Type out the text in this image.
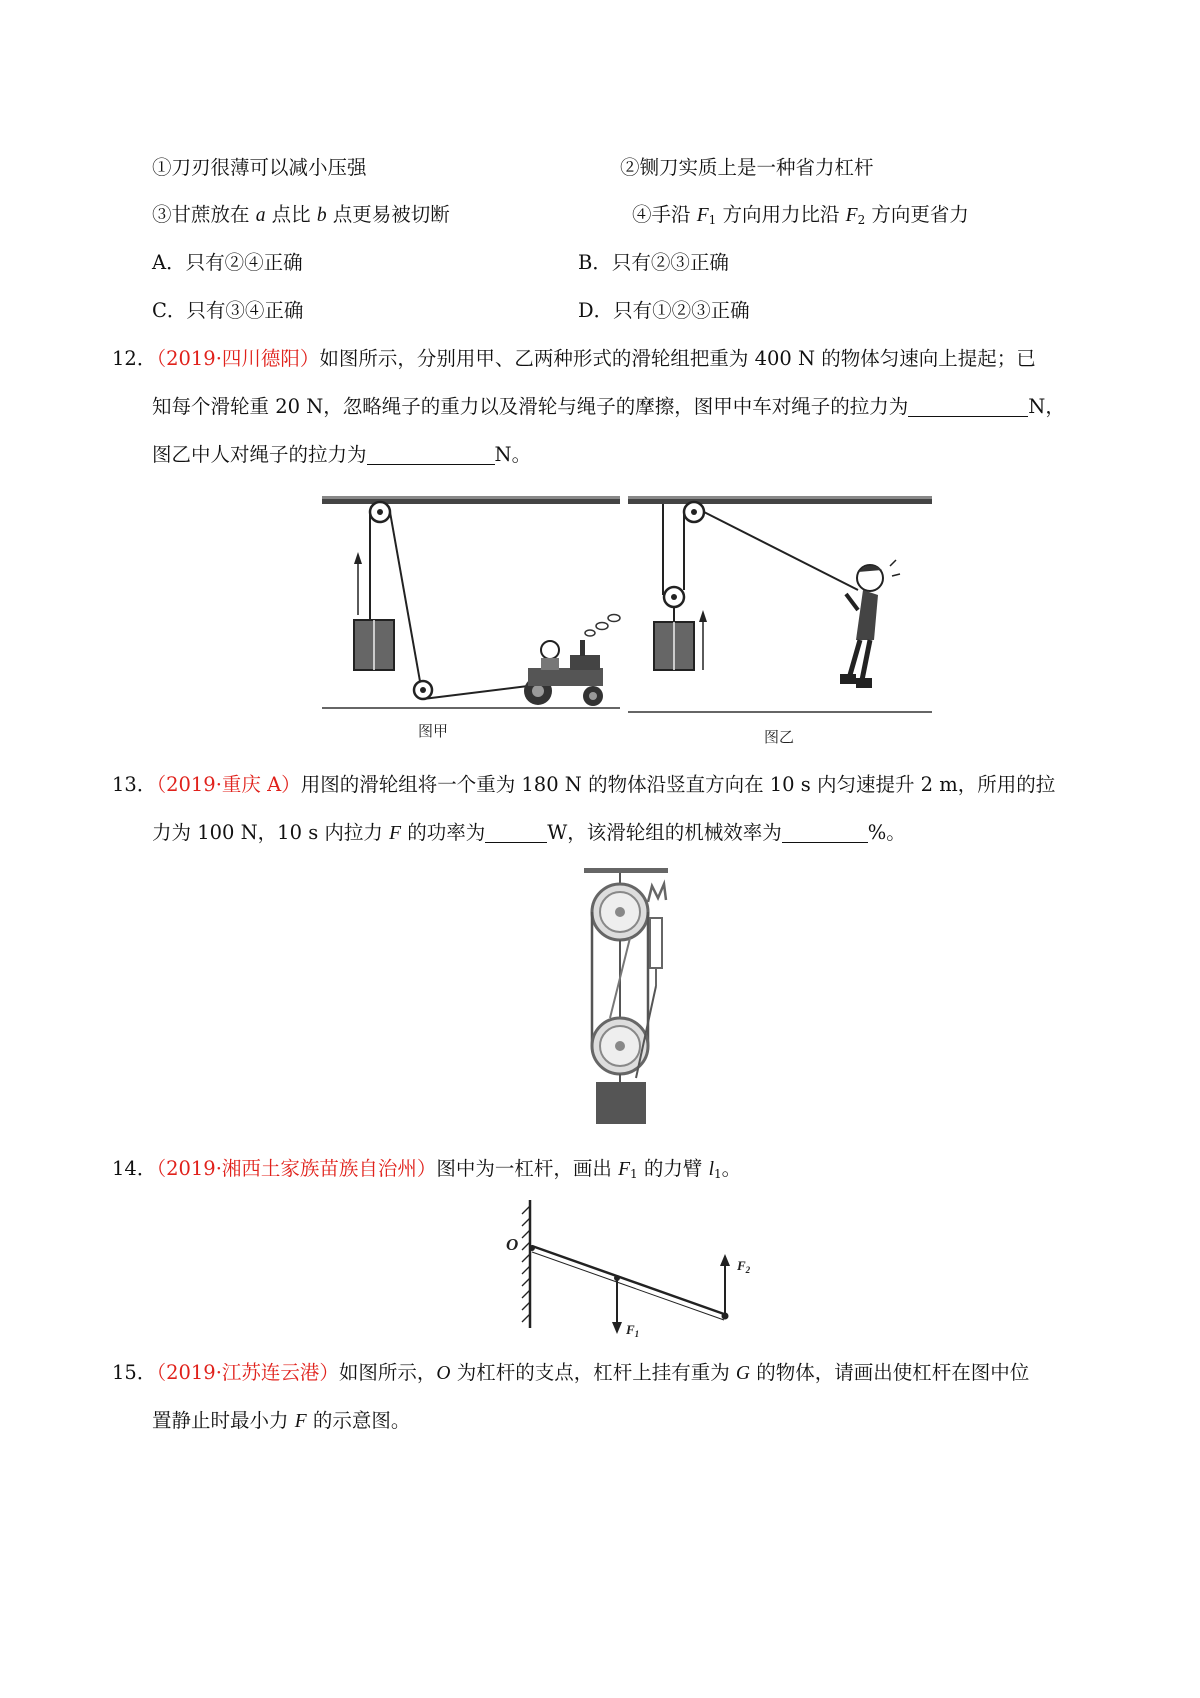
①刀刃很薄可以减小压强	②铡刀实质上是一种省力杠杆
③甘蔗放在 a 点比 b 点更易被切断	④手沿 $F_1$ 方向用力比沿 $F_2$ 方向更省力
A．只有②④正确	B．只有②③正确
C．只有③④正确	D．只有①②③正确
12．（2019·四川德阳）如图所示，分别用甲、乙两种形式的滑轮组把重为 400 N 的物体匀速向上提起；已
知每个滑轮重 20 N，忽略绳子的重力以及滑轮与绳子的摩擦，图甲中车对绳子的拉力为	N，
图乙中人对绳子的拉力为	N。
图甲	图乙
13．（2019·重庆 A）用图的滑轮组将一个重为 180 N 的物体沿竖直方向在 10 s 内匀速提升 2 m，所用的拉
力为 100 N，10 s 内拉力 F 的功率为	W，该滑轮组的机械效率为	%。
14．（2019·湘西土家族苗族自治州）图中为一杠杆，画出 $F_1$ 的力臂 $l_1$。
O
$F_1$
$F_2$
15．（2019·江苏连云港）如图所示，O 为杠杆的支点，杠杆上挂有重为 G 的物体，请画出使杠杆在图中位
置静止时最小力 F 的示意图。
